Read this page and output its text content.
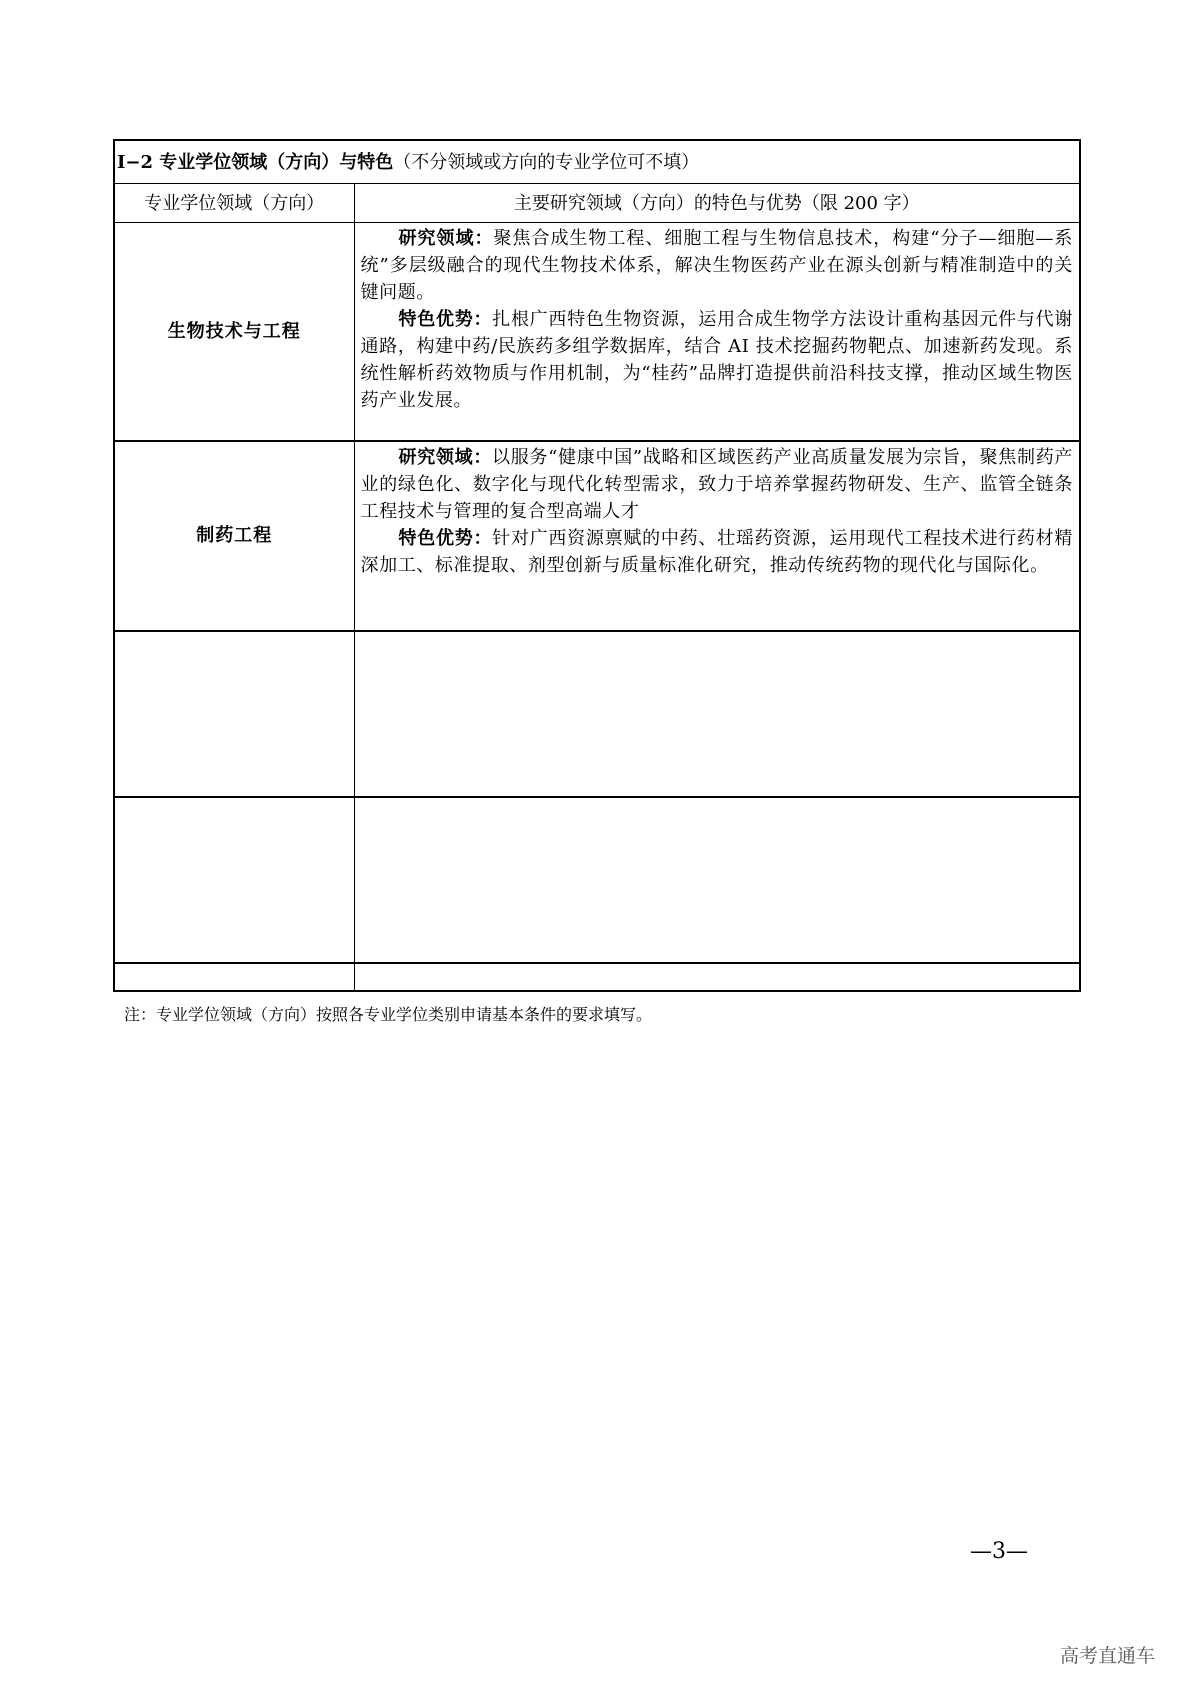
I−2 专业学位领域（方向）与特色（不分领域或方向的专业学位可不填）	
专业学位领域（方向）	主要研究领域（方向）的特色与优势（限 200 字）
生物技术与工程	研究领域：聚焦合成生物工程、细胞工程与生物信息技术，构建“分子—细胞—系统”多层级融合的现代生物技术体系，解决生物医药产业在源头创新与精准制造中的关键问题。

特色优势：扎根广西特色生物资源，运用合成生物学方法设计重构基因元件与代谢通路，构建中药/民族药多组学数据库，结合 AI 技术挖掘药物靶点、加速新药发现。系统性解析药效物质与作用机制，为“桂药”品牌打造提供前沿科技支撑，推动区域生物医药产业发展。

制药工程	研究领域：以服务“健康中国”战略和区域医药产业高质量发展为宗旨，聚焦制药产业的绿色化、数字化与现代化转型需求，致力于培养掌握药物研发、生产、监管全链条工程技术与管理的复合型高端人才

特色优势：针对广西资源禀赋的中药、壮瑶药资源，运用现代工程技术进行药材精深加工、标准提取、剂型创新与质量标准化研究，推动传统药物的现代化与国际化。

注：专业学位领域（方向）按照各专业学位类别申请基本条件的要求填写。
—3—
高考直通车
